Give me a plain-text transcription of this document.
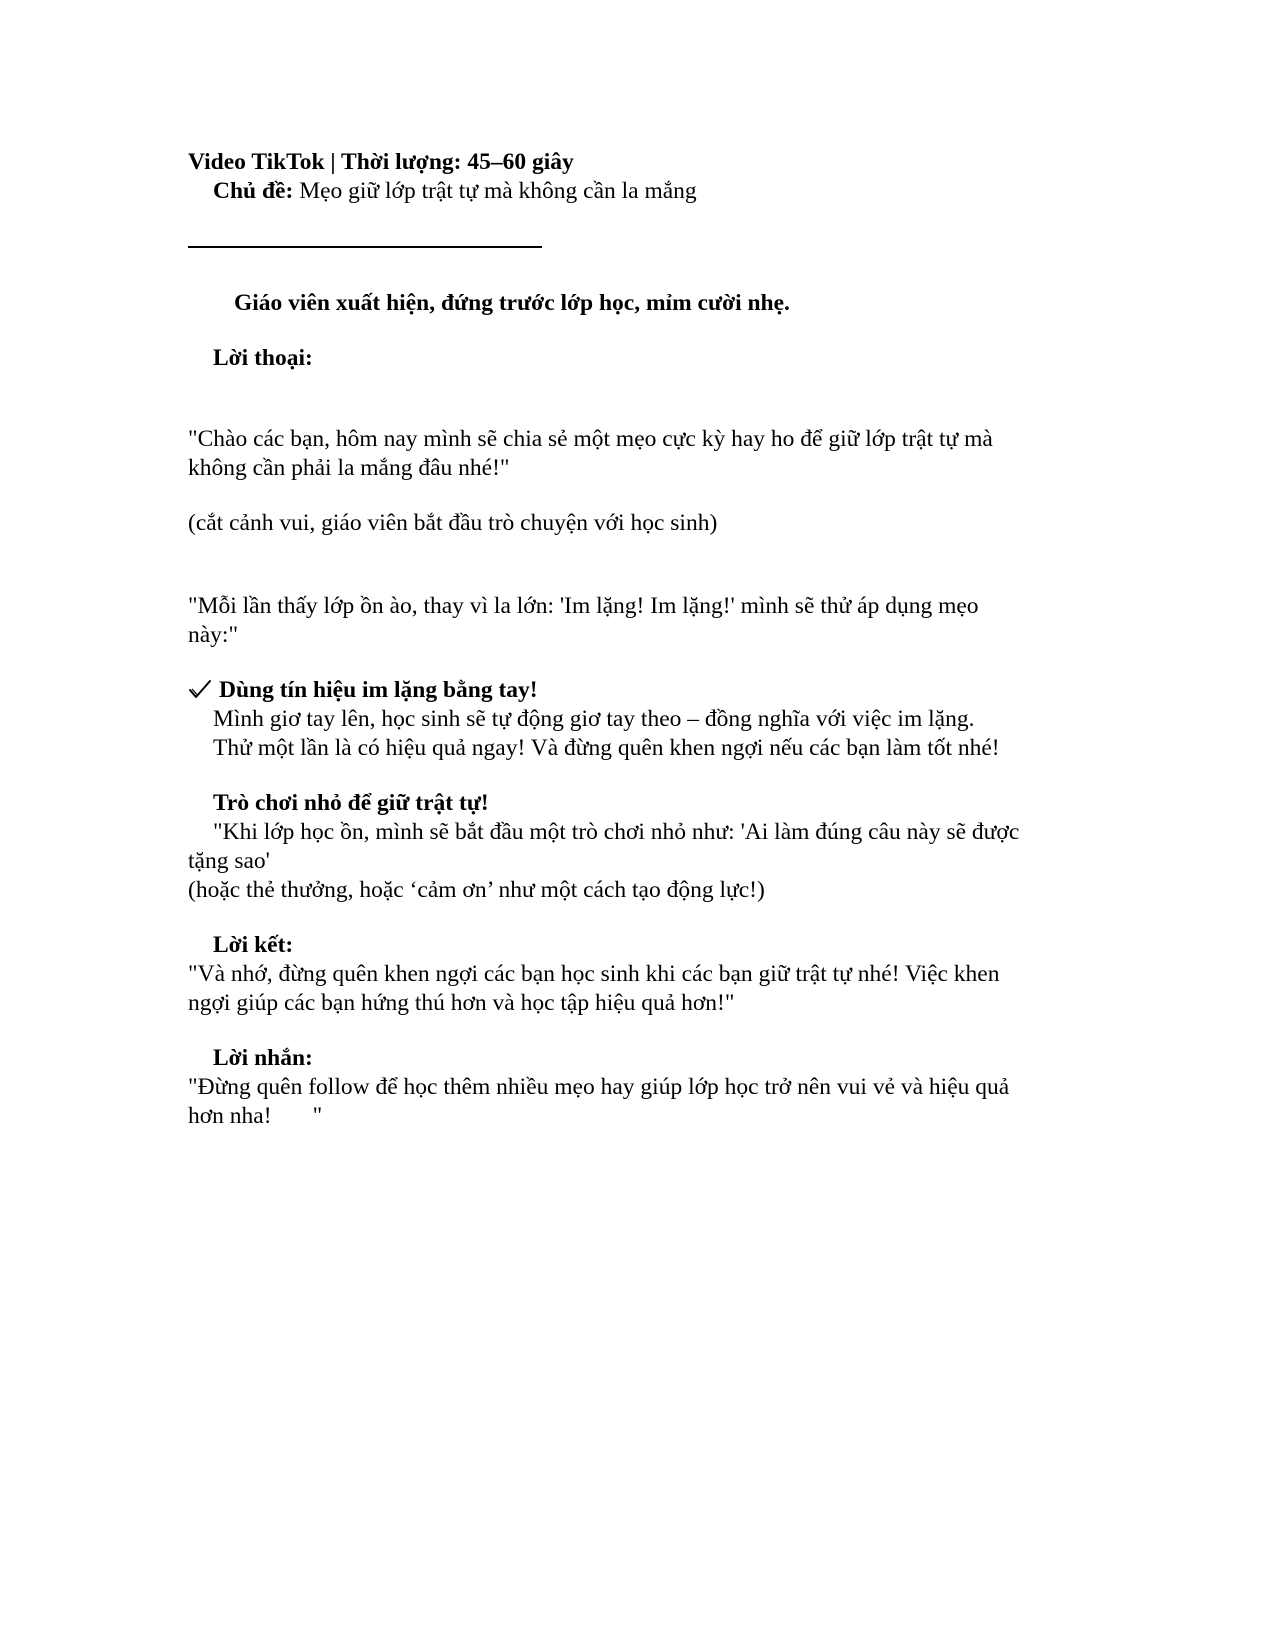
Video TikTok | Thời lượng: 45–60 giây
Chủ đề: Mẹo giữ lớp trật tự mà không cần la mắng
Giáo viên xuất hiện, đứng trước lớp học, mỉm cười nhẹ.
Lời thoại:
"Chào các bạn, hôm nay mình sẽ chia sẻ một mẹo cực kỳ hay ho để giữ lớp trật tự mà
không cần phải la mắng đâu nhé!"
(cắt cảnh vui, giáo viên bắt đầu trò chuyện với học sinh)
"Mỗi lần thấy lớp ồn ào, thay vì la lớn: 'Im lặng! Im lặng!' mình sẽ thử áp dụng mẹo
này:"
Dùng tín hiệu im lặng bằng tay!
Mình giơ tay lên, học sinh sẽ tự động giơ tay theo – đồng nghĩa với việc im lặng.
Thử một lần là có hiệu quả ngay! Và đừng quên khen ngợi nếu các bạn làm tốt nhé!
Trò chơi nhỏ để giữ trật tự!
"Khi lớp học ồn, mình sẽ bắt đầu một trò chơi nhỏ như: 'Ai làm đúng câu này sẽ được
tặng sao'
(hoặc thẻ thưởng, hoặc ‘cảm ơn’ như một cách tạo động lực!)
Lời kết:
"Và nhớ, đừng quên khen ngợi các bạn học sinh khi các bạn giữ trật tự nhé! Việc khen
ngợi giúp các bạn hứng thú hơn và học tập hiệu quả hơn!"
Lời nhắn:
"Đừng quên follow để học thêm nhiều mẹo hay giúp lớp học trở nên vui vẻ và hiệu quả
hơn nha!       "
